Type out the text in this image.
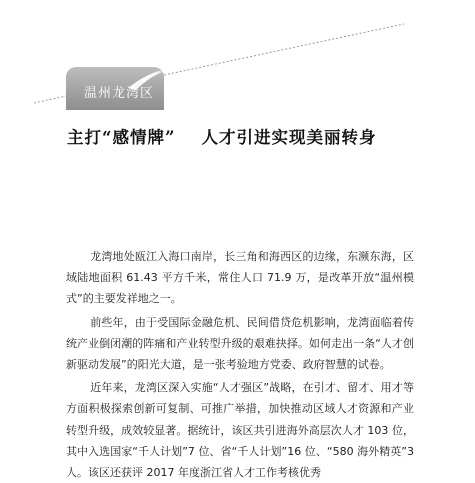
温州龙湾区
主打“感情牌” 人才引进实现美丽转身

龙湾地处瓯江入海口南岸，长三角和海西区的边缘，东濒东海，区域陆地面积 61.43 平方千米，常住人口 71.9 万，是改革开放“温州模式”的主要发祥地之一。

前些年，由于受国际金融危机、民间借贷危机影响，龙湾面临着传统产业倒闭潮的阵痛和产业转型升级的艰难抉择。如何走出一条“人才创新驱动发展”的阳光大道，是一张考验地方党委、政府智慧的试卷。

近年来，龙湾区深入实施“人才强区”战略，在引才、留才、用才等方面积极探索创新可复制、可推广举措，加快推动区域人才资源和产业转型升级，成效较显著。据统计，该区共引进海外高层次人才 103 位，其中入选国家“千人计划”7 位、省“千人计划”16 位、“580 海外精英”3 人。该区还获评 2017 年度浙江省人才工作考核优秀
